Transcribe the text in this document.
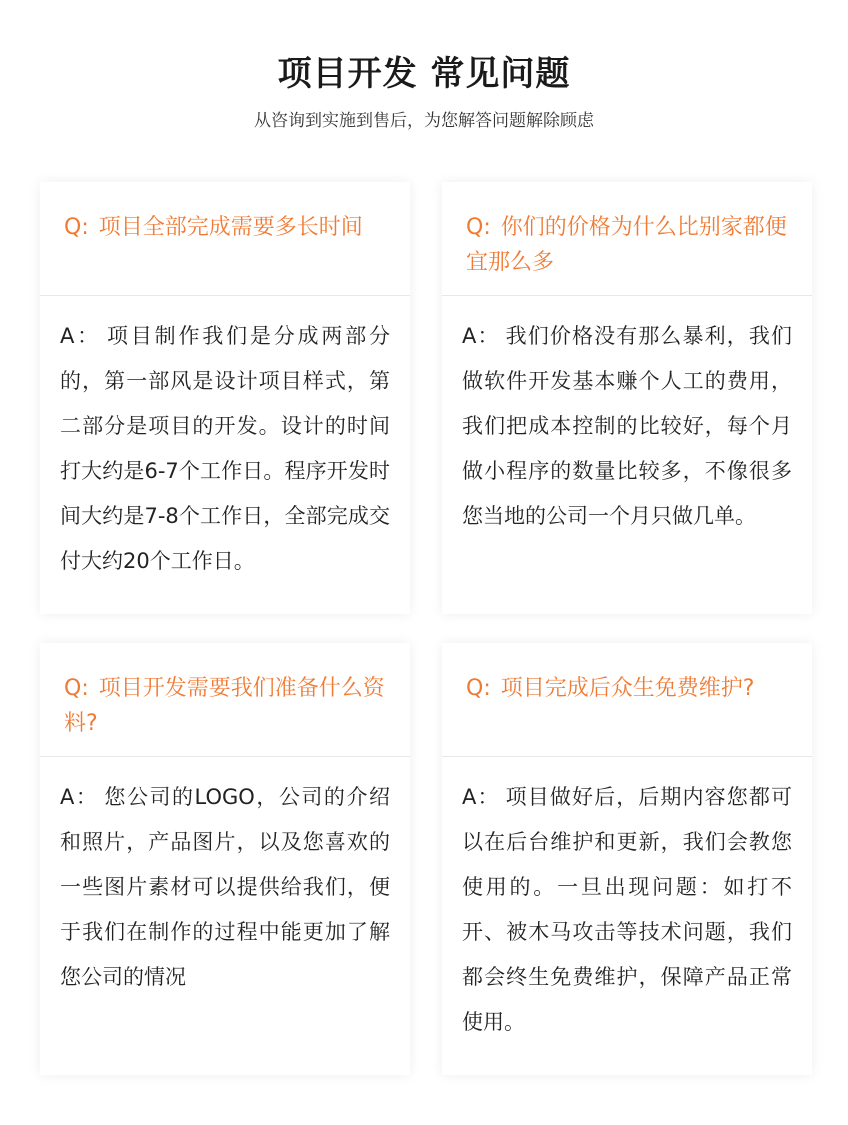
项目开发 常见问题
从咨询到实施到售后，为您解答问题解除顾虑
Q: 项目全部完成需要多长时间
A： 项目制作我们是分成两部分的，第一部风是设计项目样式，第二部分是项目的开发。设计的时间打大约是6-7个工作日。程序开发时间大约是7-8个工作日，全部完成交付大约20个工作日。
Q: 你们的价格为什么比别家都便宜那么多
A： 我们价格没有那么暴利，我们做软件开发基本赚个人工的费用，我们把成本控制的比较好，每个月做小程序的数量比较多，不像很多您当地的公司一个月只做几单。
Q: 项目开发需要我们准备什么资料?
A： 您公司的LOGO，公司的介绍和照片，产品图片，以及您喜欢的一些图片素材可以提供给我们，便于我们在制作的过程中能更加了解您公司的情况
Q: 项目完成后众生免费维护?
A： 项目做好后，后期内容您都可以在后台维护和更新，我们会教您使用的。一旦出现问题：如打不开、被木马攻击等技术问题，我们都会终生免费维护，保障产品正常使用。
